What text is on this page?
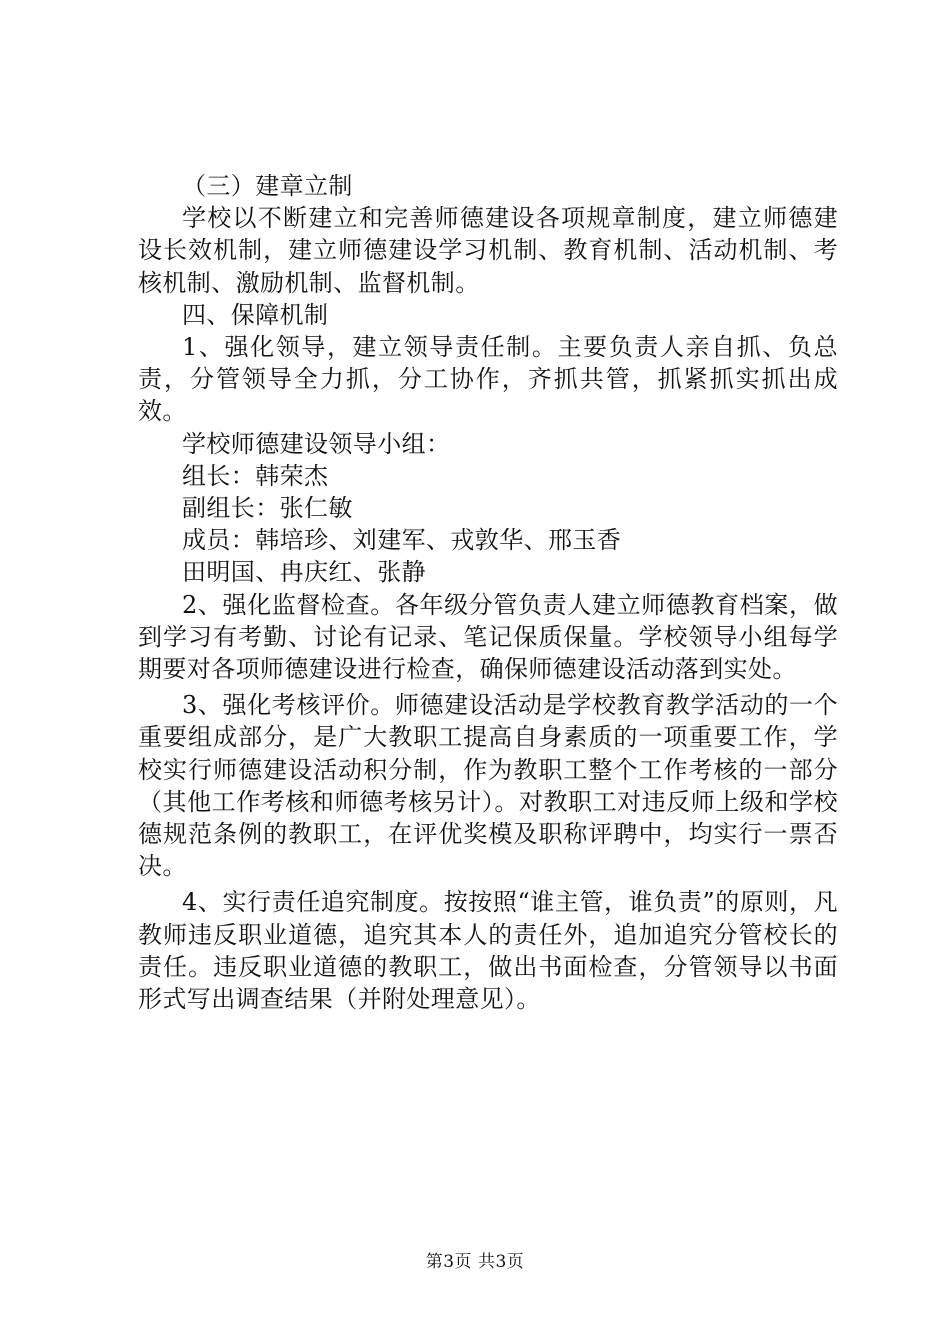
（三）建章立制

学校以不断建立和完善师德建设各项规章制度，建立师德建设长效机制，建立师德建设学习机制、教育机制、活动机制、考核机制、激励机制、监督机制。

四、保障机制

1、强化领导，建立领导责任制。主要负责人亲自抓、负总责，分管领导全力抓，分工协作，齐抓共管，抓紧抓实抓出成效。

学校师德建设领导小组：

组长：韩荣杰

副组长：张仁敏

成员：韩培珍、刘建军、戎敦华、邢玉香

田明国、冉庆红、张静

2、强化监督检查。各年级分管负责人建立师德教育档案，做到学习有考勤、讨论有记录、笔记保质保量。学校领导小组每学期要对各项师德建设进行检查，确保师德建设活动落到实处。

3、强化考核评价。师德建设活动是学校教育教学活动的一个重要组成部分，是广大教职工提高自身素质的一项重要工作，学校实行师德建设活动积分制，作为教职工整个工作考核的一部分（其他工作考核和师德考核另计）。对教职工对违反师上级和学校德规范条例的教职工，在评优奖模及职称评聘中，均实行一票否决。

4、实行责任追究制度。按按照“谁主管，谁负责”的原则，凡教师违反职业道德，追究其本人的责任外，追加追究分管校长的责任。违反职业道德的教职工，做出书面检查，分管领导以书面形式写出调查结果（并附处理意见）。

第3页 共3页
